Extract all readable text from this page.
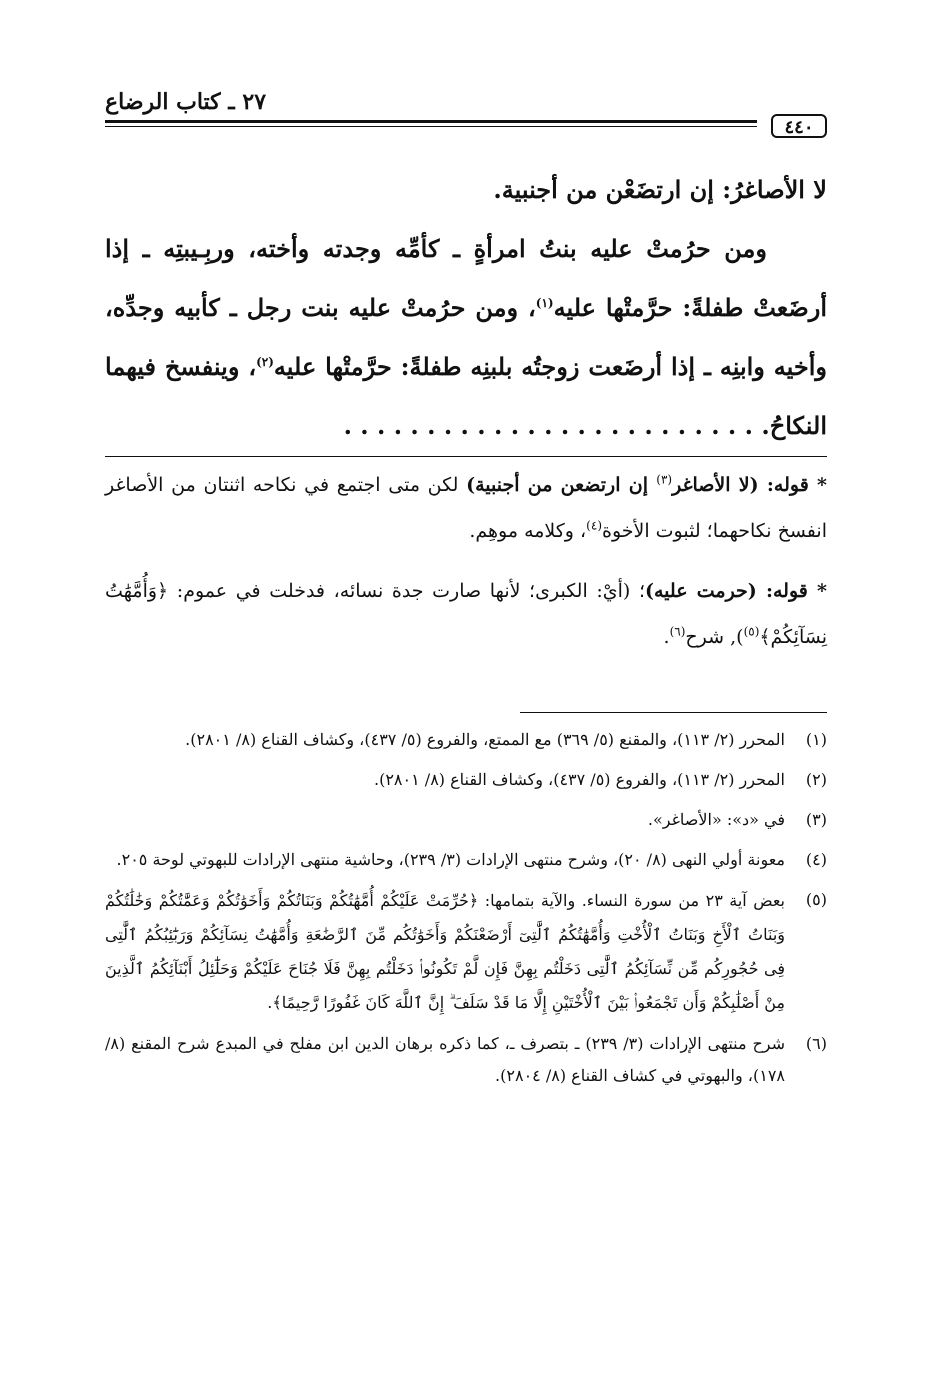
٤٤٠
٢٧ ـ كتاب الرضاع

لا الأصاغرُ: إن ارتضَعْن من أجنبية.

ومن حرُمتْ عليه بنتُ امرأةٍ ـ كأمِّه وجدته وأخته، وربِـيبتِه ـ إذا أرضَعتْ طفلةً: حرَّمتْها عليه$^{(١)}$، ومن حرُمتْ عليه بنت رجل ـ كأبيه وجدِّه، وأخيه وابنِه ـ إذا أرضَعت زوجتُه بلبنِه طفلةً: حرَّمتْها عليه$^{(٢)}$، وينفسخ فيهما النكاحُ. . . . . . . . . . . . . . . . . . . . . . . . . .

* قوله: (لا الأصاغر$^{(٣)}$ إن ارتضعن من أجنبية) لكن متى اجتمع في نكاحه اثنتان من الأصاغر انفسخ نكاحهما؛ لثبوت الأخوة$^{(٤)}$، وكلامه موهِم.

* قوله: (حرمت عليه)؛ (أيْ: الكبرى؛ لأنها صارت جدة نسائه، فدخلت في عموم: ﴿وَأُمَّهَٰتُ نِسَآئِكُمْ﴾$^{(٥)}$), شرح$^{(٦)}$.

(١)
المحرر (٢/ ١١٣)، والمقنع (٥/ ٣٦٩) مع الممتع، والفروع (٥/ ٤٣٧)، وكشاف القناع (٨/ ٢٨٠١).
(٢)
المحرر (٢/ ١١٣)، والفروع (٥/ ٤٣٧)، وكشاف القناع (٨/ ٢٨٠١).
(٣)
في «د»: «الأصاغر».
(٤)
معونة أولي النهى (٨/ ٢٠)، وشرح منتهى الإرادات (٣/ ٢٣٩)، وحاشية منتهى الإرادات للبهوتي لوحة ٢٠٥.
(٥)
بعض آية ٢٣ من سورة النساء. والآية بتمامها: ﴿حُرِّمَتْ عَلَيْكُمْ أُمَّهَٰتُكُمْ وَبَنَاتُكُمْ وَأَخَوَٰتُكُمْ وَعَمَّٰتُكُمْ وَخَٰلَٰتُكُمْ وَبَنَاتُ ٱلْأَخِ وَبَنَاتُ ٱلْأُخْتِ وَأُمَّهَٰتُكُمُ ٱلَّٰتِىٓ أَرْضَعْنَكُمْ وَأَخَوَٰتُكُم مِّنَ ٱلرَّضَٰعَةِ وَأُمَّهَٰتُ نِسَآئِكُمْ وَرَبَٰٓئِبُكُمُ ٱلَّٰتِى فِى حُجُورِكُم مِّن نِّسَآئِكُمُ ٱلَّٰتِى دَخَلْتُم بِهِنَّ فَإِن لَّمْ تَكُونُوا۟ دَخَلْتُم بِهِنَّ فَلَا جُنَاحَ عَلَيْكُمْ وَحَلَٰٓئِلُ أَبْنَآئِكُمُ ٱلَّذِينَ مِنْ أَصْلَٰبِكُمْ وَأَن تَجْمَعُوا۟ بَيْنَ ٱلْأُخْتَيْنِ إِلَّا مَا قَدْ سَلَفَ ۗ إِنَّ ٱللَّهَ كَانَ غَفُورًا رَّحِيمًا﴾.
(٦)
شرح منتهى الإرادات (٣/ ٢٣٩) ـ بتصرف ـ، كما ذكره برهان الدين ابن مفلح في المبدع شرح المقنع (٨/ ١٧٨)، والبهوتي في كشاف القناع (٨/ ٢٨٠٤).
